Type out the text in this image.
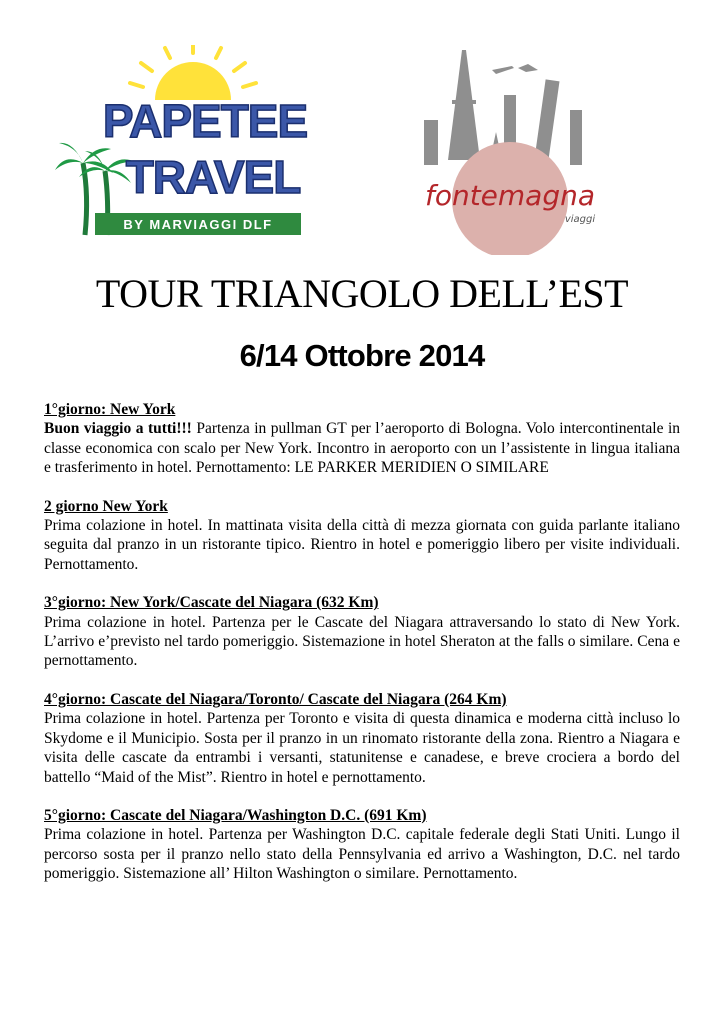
PAPETEE
TRAVEL
BY MARVIAGGI DLF
fontemagna
viaggi
TOUR TRIANGOLO DELL’EST
6/14 Ottobre 2014
1°giorno: New York

Buon viaggio a tutti!!! Partenza in pullman GT per l’aeroporto di Bologna. Volo intercontinentale in classe economica con scalo per New York. Incontro in aeroporto con un l’assistente in lingua italiana e trasferimento in hotel. Pernottamento: LE PARKER MERIDIEN O SIMILARE

2 giorno New York

Prima colazione in hotel. In mattinata visita della città di mezza giornata con guida parlante italiano seguita dal pranzo in un ristorante tipico. Rientro in hotel e pomeriggio libero per visite individuali. Pernottamento.

3°giorno: New York/Cascate del Niagara (632 Km)

Prima colazione in hotel. Partenza per le Cascate del Niagara attraversando lo stato di New York. L’arrivo e’previsto nel tardo pomeriggio. Sistemazione in hotel Sheraton at the falls o similare. Cena e pernottamento.

4°giorno: Cascate del Niagara/Toronto/ Cascate del Niagara (264 Km)

Prima colazione in hotel. Partenza per Toronto e visita di questa dinamica e moderna città incluso lo Skydome e il Municipio. Sosta per il pranzo in un rinomato ristorante della zona. Rientro a Niagara e visita delle cascate da entrambi i versanti, statunitense e canadese, e breve crociera a bordo del battello “Maid of the Mist”. Rientro in hotel e pernottamento.

5°giorno: Cascate del Niagara/Washington D.C. (691 Km)

Prima colazione in hotel. Partenza per Washington D.C. capitale federale degli Stati Uniti. Lungo il percorso sosta per il pranzo nello stato della Pennsylvania ed arrivo a Washington, D.C. nel tardo pomeriggio. Sistemazione all’ Hilton Washington o similare. Pernottamento.
